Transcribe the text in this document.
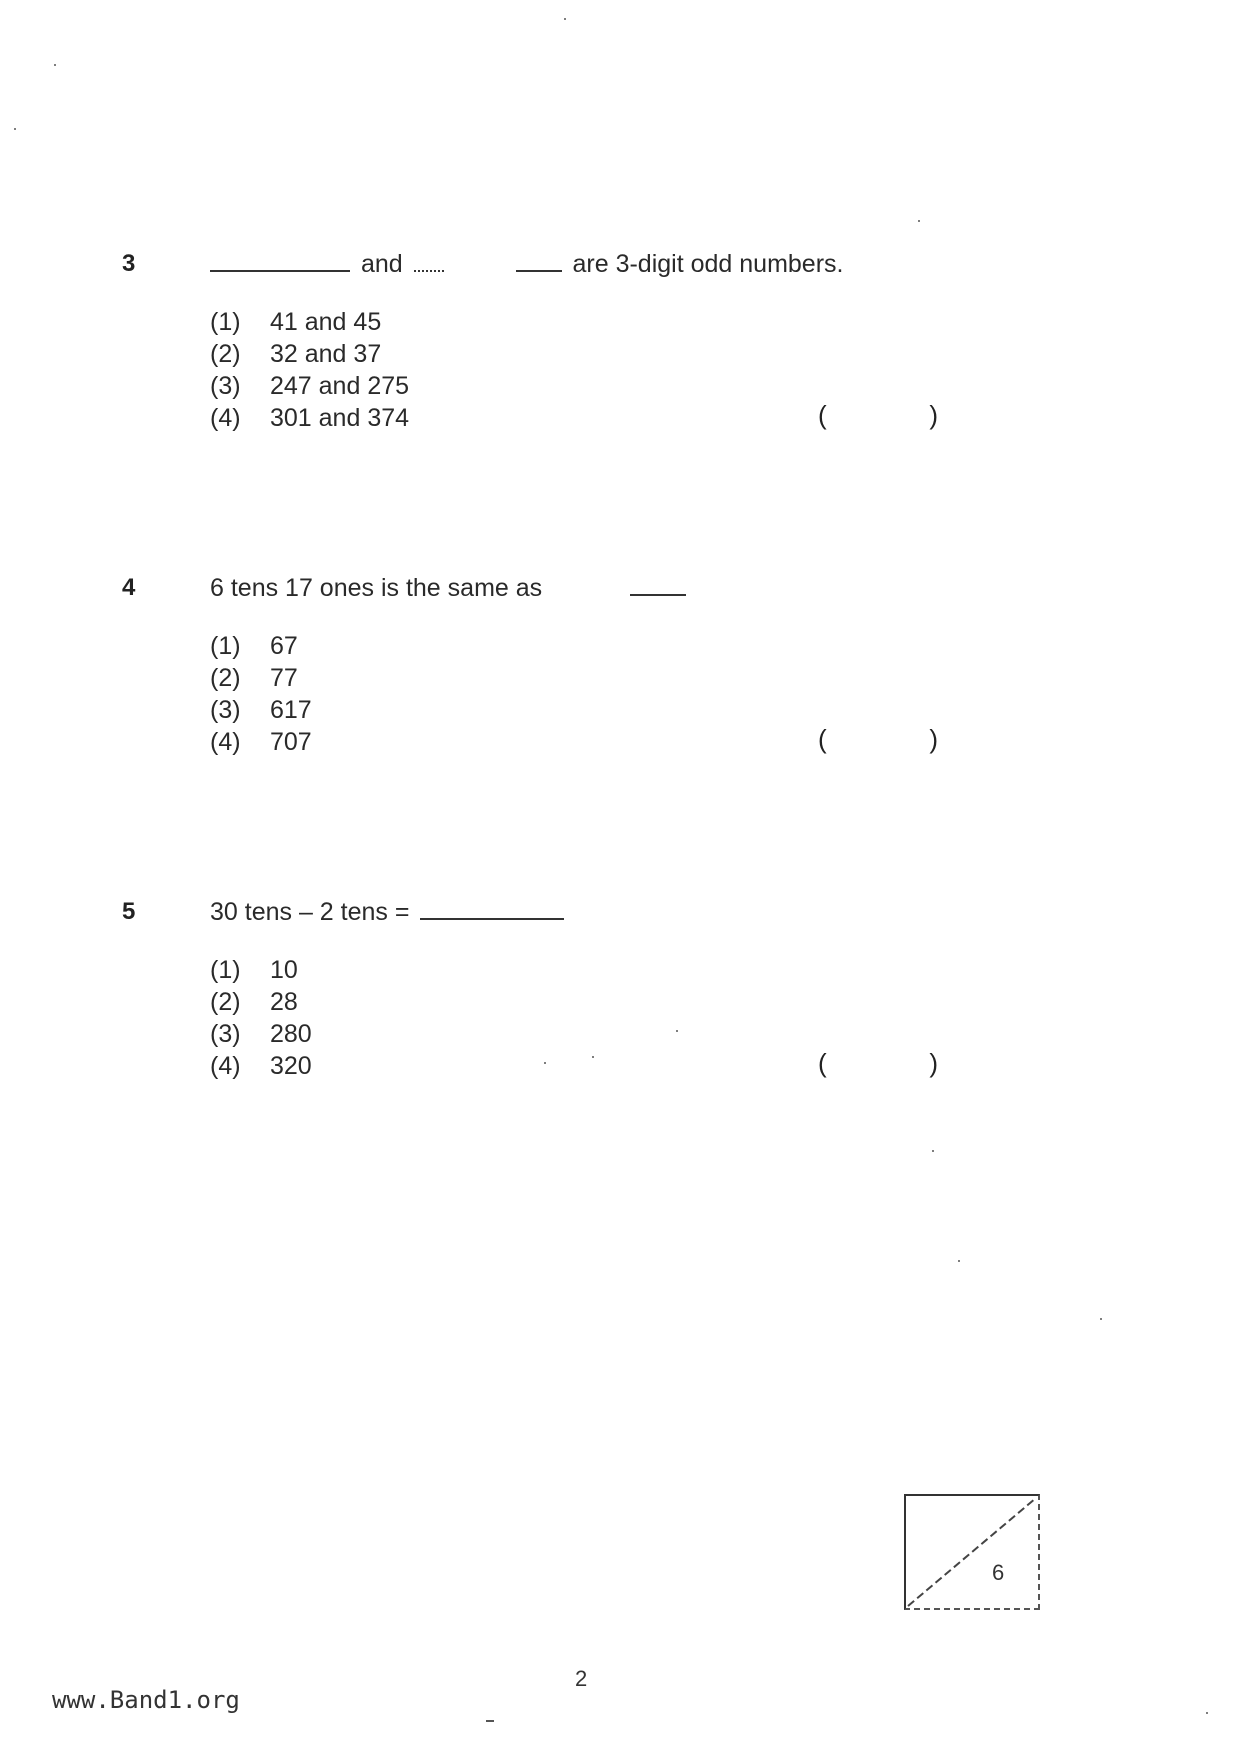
3	and	are 3-digit odd numbers.
(1) 41 and 45
(2) 32 and 37
(3) 247 and 275
(4) 301 and 374	(	)
4	6 tens 17 ones is the same as
(1) 67
(2) 77
(3) 617
(4) 707	(	)
5	30 tens – 2 tens =
(1) 10
(2) 28
(3) 280
(4) 320	(	)
6
2
www.Band1.org
